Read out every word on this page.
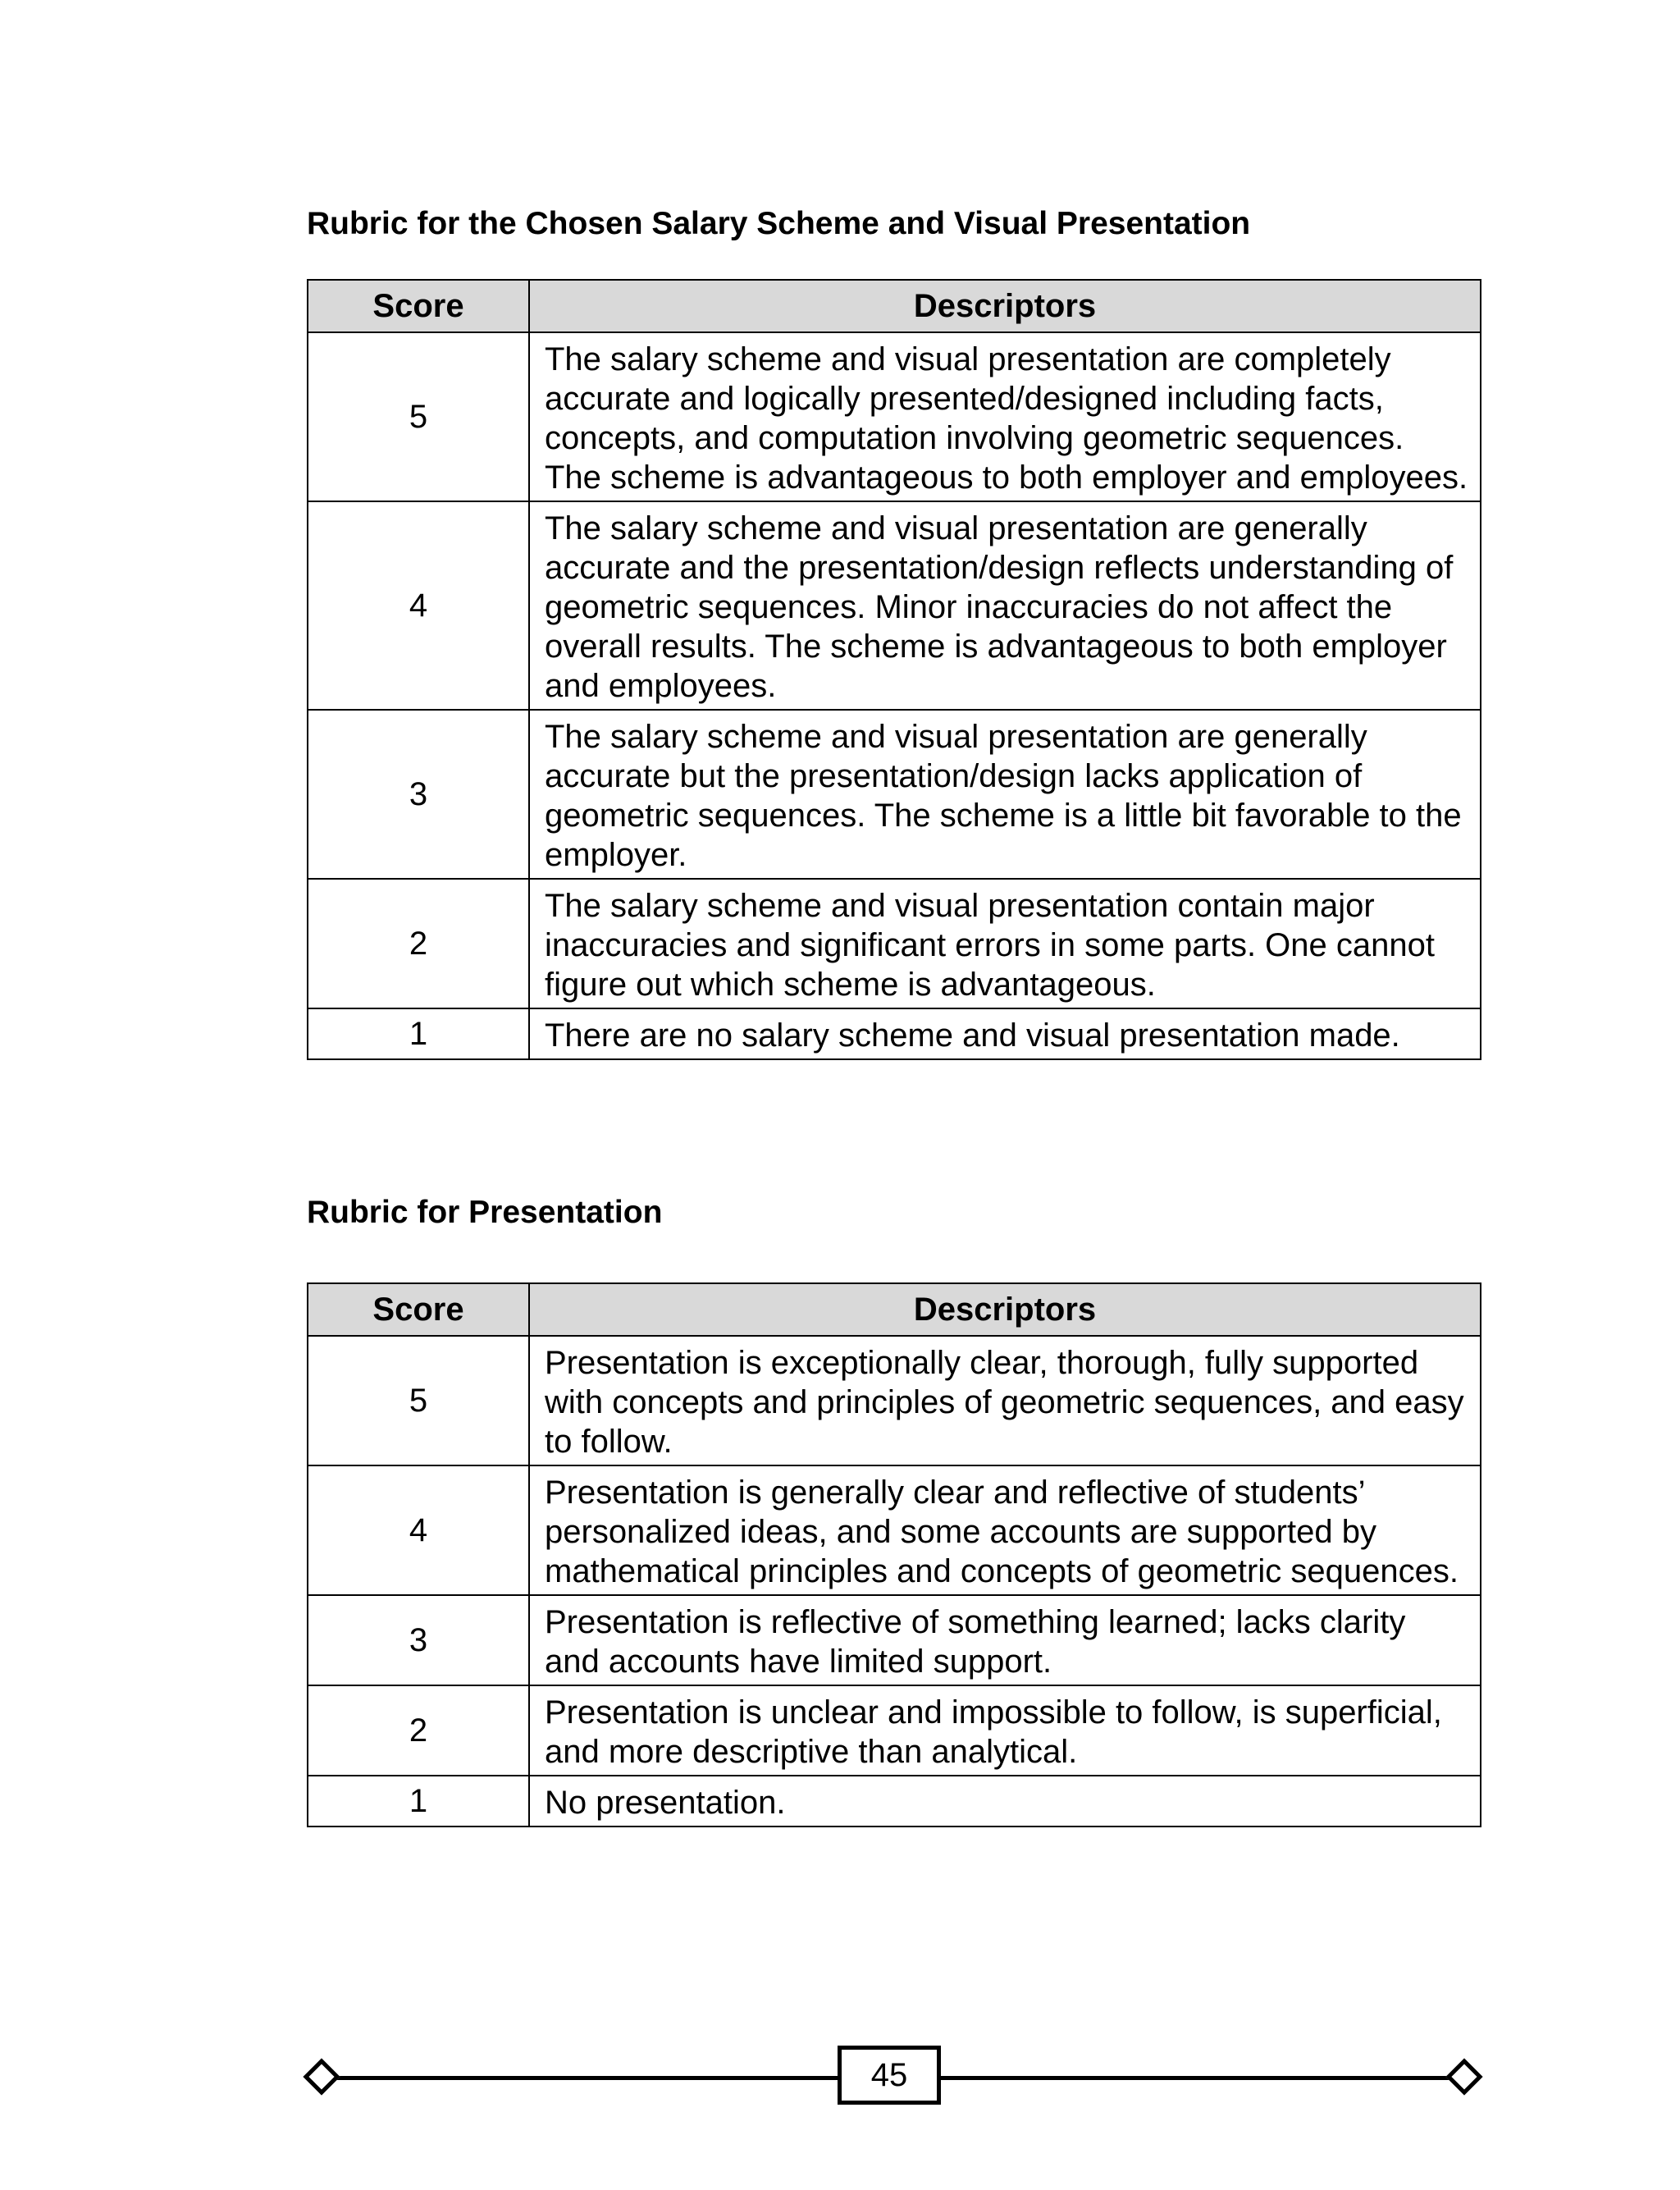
Rubric for the Chosen Salary Scheme and Visual Presentation
Score	Descriptors
5	The salary scheme and visual presentation are completely accurate and logically presented/designed including facts, concepts, and computation involving geometric sequences. The scheme is advantageous to both employer and employees.
4	The salary scheme and visual presentation are generally accurate and the presentation/design reflects understanding of geometric sequences. Minor inaccuracies do not affect the overall results. The scheme is advantageous to both employer and employees.
3	The salary scheme and visual presentation are generally accurate but the presentation/design lacks application of geometric sequences. The scheme is a little bit favorable to the employer.
2	The salary scheme and visual presentation contain major inaccuracies and significant errors in some parts. One cannot figure out which scheme is advantageous.
1	There are no salary scheme and visual presentation made.
Rubric for Presentation
Score	Descriptors
5	Presentation is exceptionally clear, thorough, fully supported with concepts and principles of geometric sequences, and easy to follow.
4	Presentation is generally clear and reflective of students’ personalized ideas, and some accounts are supported by mathematical principles and concepts of geometric sequences.
3	Presentation is reflective of something learned; lacks clarity and accounts have limited support.
2	Presentation is unclear and impossible to follow, is superficial, and more descriptive than analytical.
1	No presentation.
45
